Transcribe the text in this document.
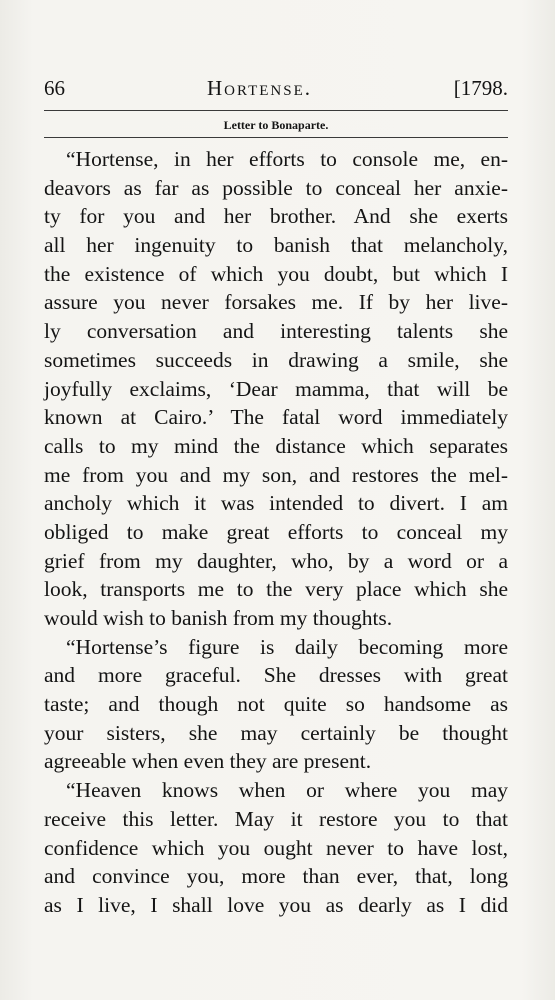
66	Hortense.	[1798.
Letter to Bonaparte.
“Hortense, in her efforts to console me, en-
deavors as far as possible to conceal her anxie-
ty for you and her brother. And she exerts
all her ingenuity to banish that melancholy,
the existence of which you doubt, but which I
assure you never forsakes me. If by her live-
ly conversation and interesting talents she
sometimes succeeds in drawing a smile, she
joyfully exclaims, ‘Dear mamma, that will be
known at Cairo.’ The fatal word immediately
calls to my mind the distance which separates
me from you and my son, and restores the mel-
ancholy which it was intended to divert. I am
obliged to make great efforts to conceal my
grief from my daughter, who, by a word or a
look, transports me to the very place which she
would wish to banish from my thoughts.
“Hortense’s figure is daily becoming more
and more graceful. She dresses with great
taste; and though not quite so handsome as
your sisters, she may certainly be thought
agreeable when even they are present.
“Heaven knows when or where you may
receive this letter. May it restore you to that
confidence which you ought never to have lost,
and convince you, more than ever, that, long
as I live, I shall love you as dearly as I did
